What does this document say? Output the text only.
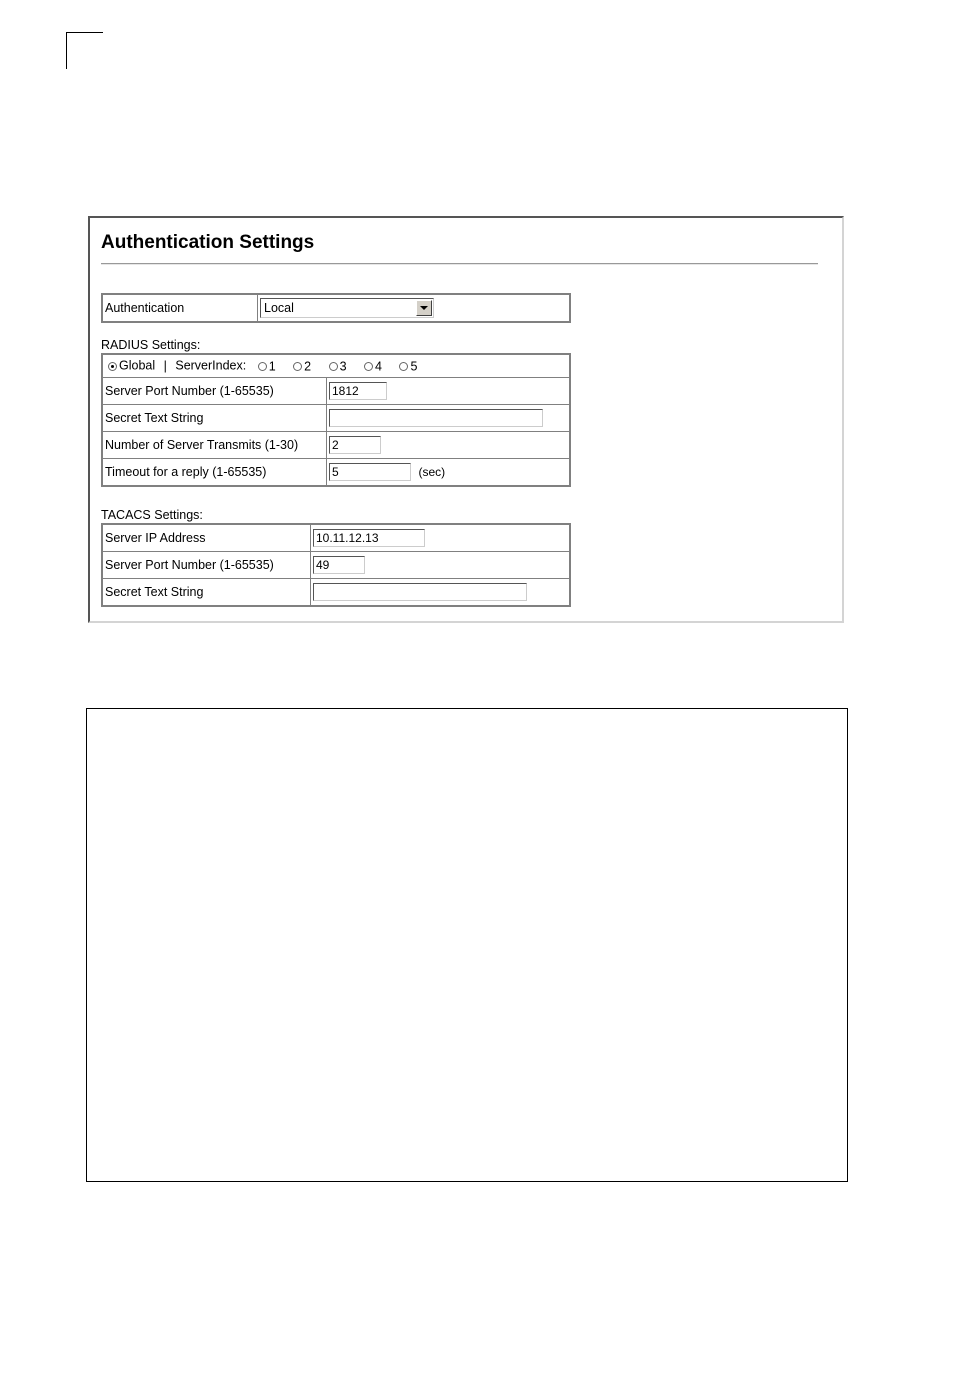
Authentication Settings
Authentication	Local
RADIUS Settings:
Global | ServerIndex: 1 2 3 4 5	
Server Port Number (1-65535)	1812
Secret Text String	
Number of Server Transmits (1-30)	2
Timeout for a reply (1-65535)	5 (sec)
TACACS Settings:
Server IP Address	10.11.12.13
Server Port Number (1-65535)	49
Secret Text String	
